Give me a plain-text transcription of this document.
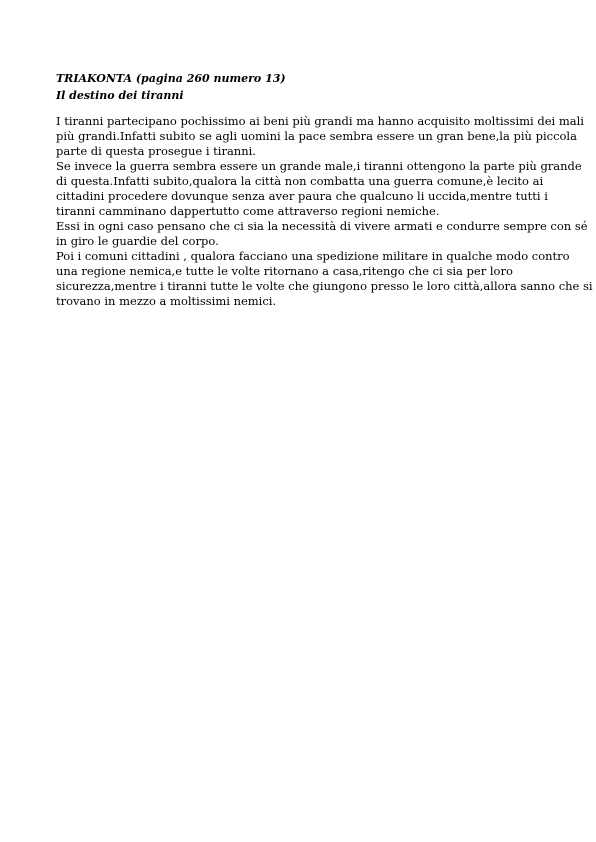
TRIAKONTA (pagina 260 numero 13)
Il destino dei tiranni
I tiranni partecipano pochissimo ai beni più grandi ma hanno acquisito moltissimi dei mali
più grandi.Infatti subito se agli uomini la pace sembra essere un gran bene,la più piccola
parte di questa prosegue i tiranni.
Se invece la guerra sembra essere un grande male,i tiranni ottengono la parte più grande
di questa.Infatti subito,qualora la città non combatta una guerra comune,è lecito ai
cittadini procedere dovunque senza aver paura che qualcuno li uccida,mentre tutti i
tiranni camminano dappertutto come attraverso regioni nemiche.
Essi in ogni caso pensano che ci sia la necessità di vivere armati e condurre sempre con sé
in giro le guardie del corpo.
Poi i comuni cittadini , qualora facciano una spedizione militare in qualche modo contro
una regione nemica,e tutte le volte ritornano a casa,ritengo che ci sia per loro
sicurezza,mentre i tiranni tutte le volte che giungono presso le loro città,allora sanno che si
trovano in mezzo a moltissimi nemici.
